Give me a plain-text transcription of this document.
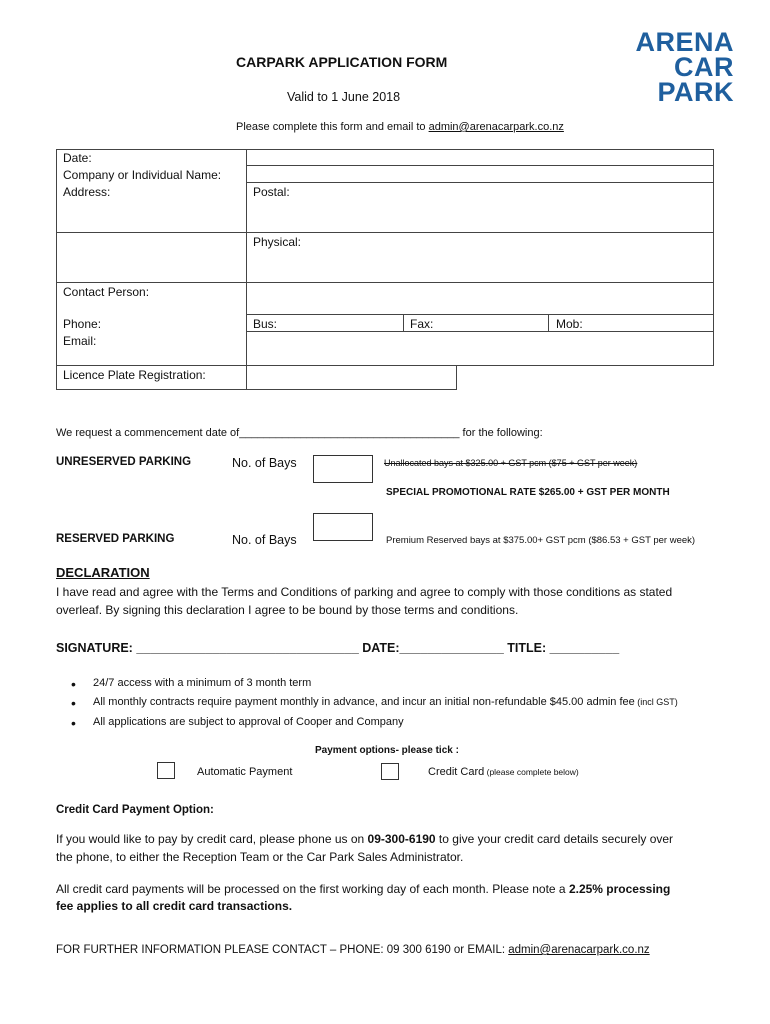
ARENA
CAR
PARK
CARPARK APPLICATION FORM
Valid to 1 June 2018
Please complete this form and email to admin@arenacarpark.co.nz
Date:
Company or Individual Name:
Address:	Postal:
Physical:
Contact Person:
Phone:	Bus:	Fax:	Mob:
Email:
Licence Plate Registration:
We request a commencement date of____________________________________ for the following:
UNRESERVED PARKING	No. of Bays	Unallocated bays at $325.00 + GST pcm ($75 + GST per week)
SPECIAL PROMOTIONAL RATE $265.00 + GST PER MONTH
RESERVED PARKING	No. of Bays	Premium Reserved bays at $375.00+ GST pcm ($86.53 + GST per week)
DECLARATION
I have read and agree with the Terms and Conditions of parking and agree to comply with those conditions as stated
overleaf. By signing this declaration I agree to be bound by those terms and conditions.
SIGNATURE: ________________________________ DATE:_______________ TITLE: __________
• 24/7 access with a minimum of 3 month term
• All monthly contracts require payment monthly in advance, and incur an initial non-refundable $45.00 admin fee (incl GST)
• All applications are subject to approval of Cooper and Company
Payment options- please tick :
Automatic Payment	Credit Card (please complete below)
Credit Card Payment Option:
If you would like to pay by credit card, please phone us on 09-300-6190 to give your credit card details securely over
the phone, to either the Reception Team or the Car Park Sales Administrator.
All credit card payments will be processed on the first working day of each month. Please note a 2.25% processing
fee applies to all credit card transactions.
FOR FURTHER INFORMATION PLEASE CONTACT – PHONE: 09 300 6190 or EMAIL: admin@arenacarpark.co.nz
